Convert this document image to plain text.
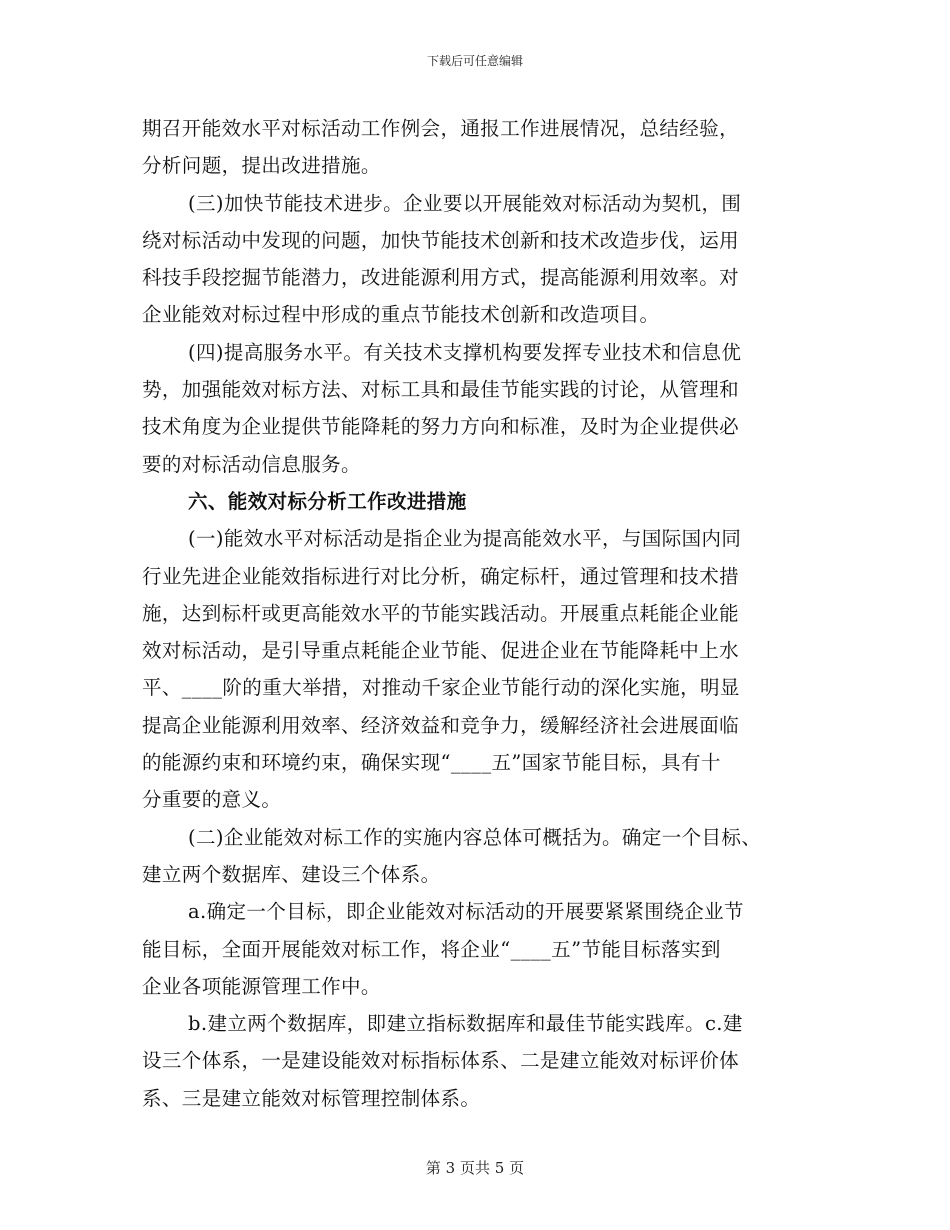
下载后可任意编辑
期召开能效水平对标活动工作例会，通报工作进展情况，总结经验，
分析问题，提出改进措施。
(三)加快节能技术进步。企业要以开展能效对标活动为契机，围
绕对标活动中发现的问题，加快节能技术创新和技术改造步伐，运用
科技手段挖掘节能潜力，改进能源利用方式，提高能源利用效率。对
企业能效对标过程中形成的重点节能技术创新和改造项目。
(四)提高服务水平。有关技术支撑机构要发挥专业技术和信息优
势，加强能效对标方法、对标工具和最佳节能实践的讨论，从管理和
技术角度为企业提供节能降耗的努力方向和标准，及时为企业提供必
要的对标活动信息服务。
六、能效对标分析工作改进措施
(一)能效水平对标活动是指企业为提高能效水平，与国际国内同
行业先进企业能效指标进行对比分析，确定标杆，通过管理和技术措
施，达到标杆或更高能效水平的节能实践活动。开展重点耗能企业能
效对标活动，是引导重点耗能企业节能、促进企业在节能降耗中上水
平、____阶的重大举措，对推动千家企业节能行动的深化实施，明显
提高企业能源利用效率、经济效益和竞争力，缓解经济社会进展面临
的能源约束和环境约束，确保实现“____五”国家节能目标，具有十
分重要的意义。
(二)企业能效对标工作的实施内容总体可概括为。确定一个目标、
建立两个数据库、建设三个体系。
a.确定一个目标，即企业能效对标活动的开展要紧紧围绕企业节
能目标，全面开展能效对标工作，将企业“____五”节能目标落实到
企业各项能源管理工作中。
b.建立两个数据库，即建立指标数据库和最佳节能实践库。c.建
设三个体系，一是建设能效对标指标体系、二是建立能效对标评价体
系、三是建立能效对标管理控制体系。
第 3 页共 5 页
